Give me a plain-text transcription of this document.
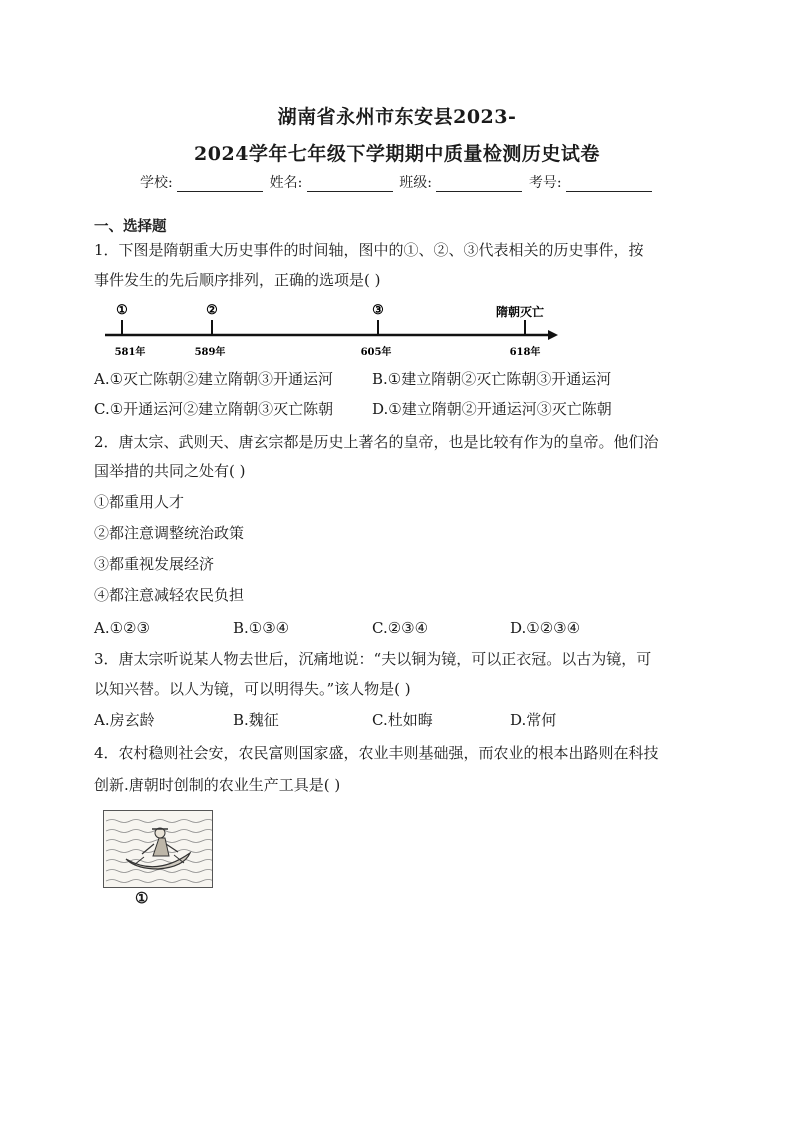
湖南省永州市东安县2023-
2024学年七年级下学期期中质量检测历史试卷
学校:	姓名:	班级:	考号:
一、选择题
1．下图是隋朝重大历史事件的时间轴，图中的①、②、③代表相关的历史事件，按
事件发生的先后顺序排列，正确的选项是( )
①	②	③	隋朝灭亡
581年	589年	605年	618年
A.①灭亡陈朝②建立隋朝③开通运河	B.①建立隋朝②灭亡陈朝③开通运河
C.①开通运河②建立隋朝③灭亡陈朝	D.①建立隋朝②开通运河③灭亡陈朝
2．唐太宗、武则天、唐玄宗都是历史上著名的皇帝，也是比较有作为的皇帝。他们治
国举措的共同之处有( )
①都重用人才
②都注意调整统治政策
③都重视发展经济
④都注意减轻农民负担
A.①②③	B.①③④	C.②③④	D.①②③④
3．唐太宗听说某人物去世后，沉痛地说：“夫以铜为镜，可以正衣冠。以古为镜，可
以知兴替。以人为镜，可以明得失。”该人物是( )
A.房玄龄	B.魏征	C.杜如晦	D.常何
4．农村稳则社会安，农民富则国家盛，农业丰则基础强，而农业的根本出路则在科技
创新.唐朝时创制的农业生产工具是( )
①
